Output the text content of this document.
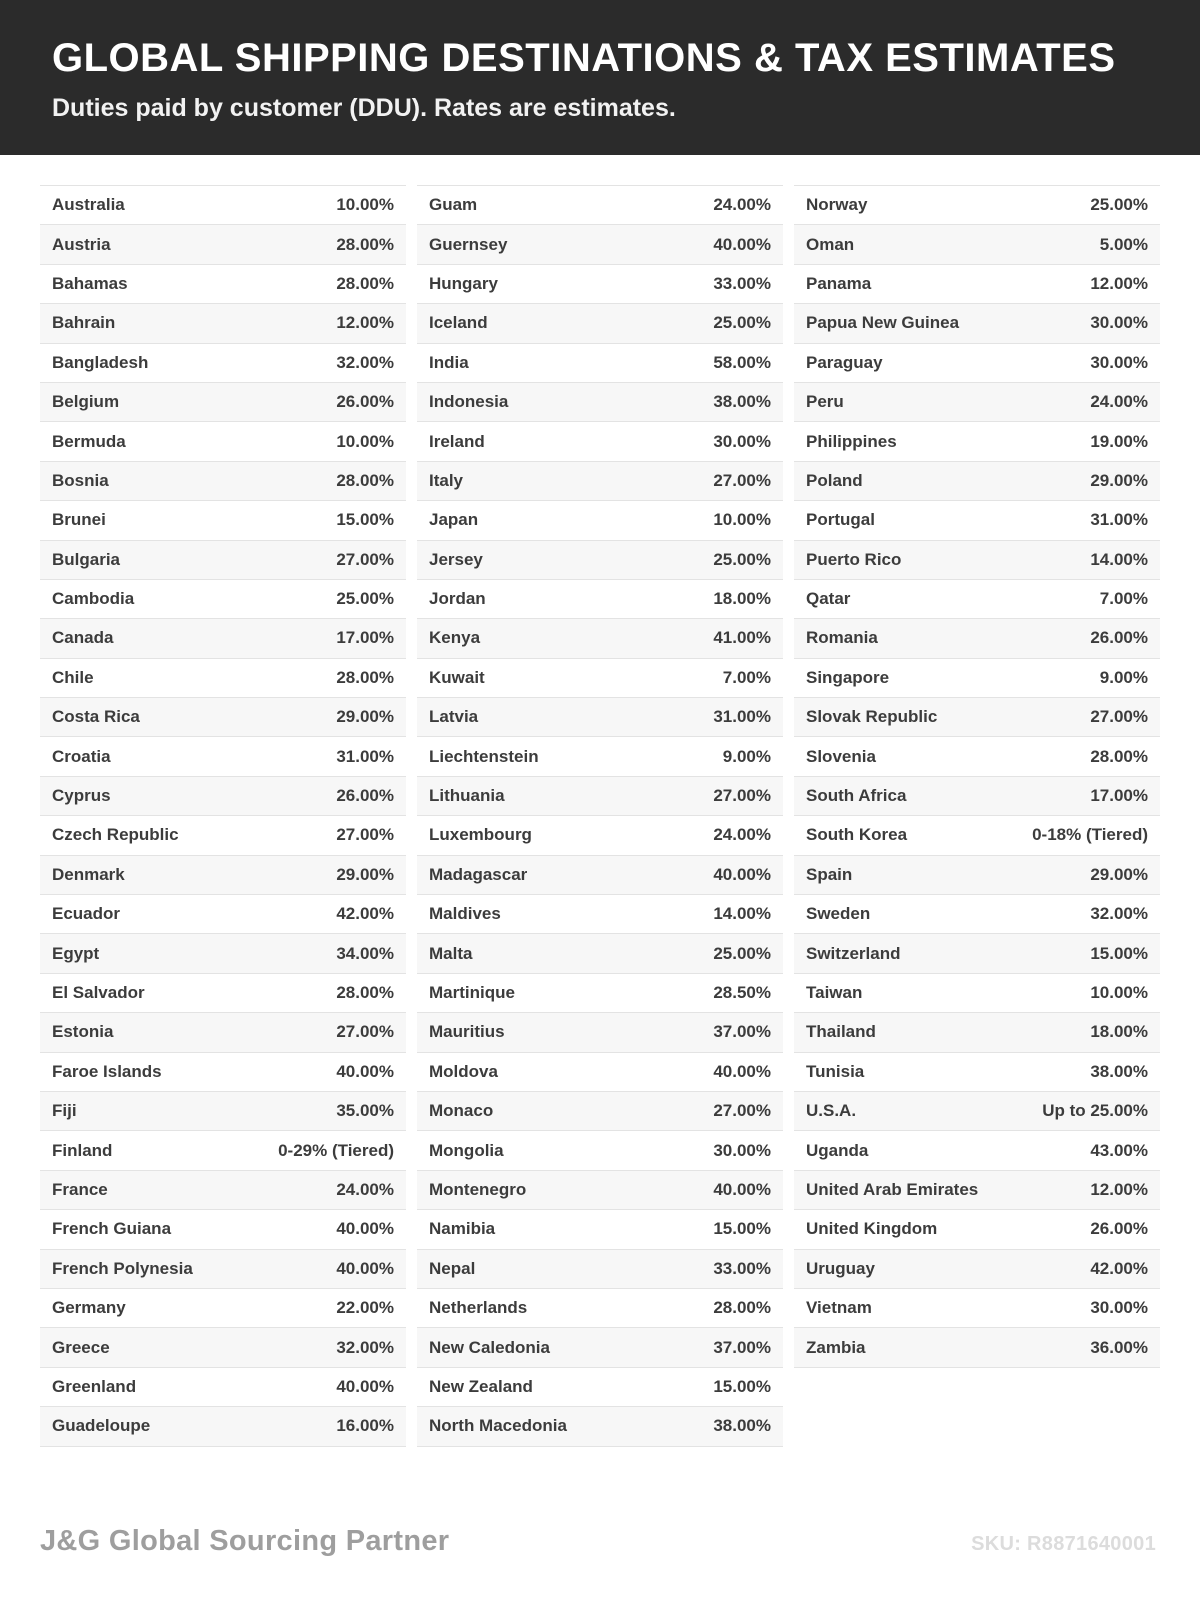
GLOBAL SHIPPING DESTINATIONS & TAX ESTIMATES
Duties paid by customer (DDU). Rates are estimates.
Australia	10.00%
Austria	28.00%
Bahamas	28.00%
Bahrain	12.00%
Bangladesh	32.00%
Belgium	26.00%
Bermuda	10.00%
Bosnia	28.00%
Brunei	15.00%
Bulgaria	27.00%
Cambodia	25.00%
Canada	17.00%
Chile	28.00%
Costa Rica	29.00%
Croatia	31.00%
Cyprus	26.00%
Czech Republic	27.00%
Denmark	29.00%
Ecuador	42.00%
Egypt	34.00%
El Salvador	28.00%
Estonia	27.00%
Faroe Islands	40.00%
Fiji	35.00%
Finland	0-29% (Tiered)
France	24.00%
French Guiana	40.00%
French Polynesia	40.00%
Germany	22.00%
Greece	32.00%
Greenland	40.00%
Guadeloupe	16.00%
Guam	24.00%
Guernsey	40.00%
Hungary	33.00%
Iceland	25.00%
India	58.00%
Indonesia	38.00%
Ireland	30.00%
Italy	27.00%
Japan	10.00%
Jersey	25.00%
Jordan	18.00%
Kenya	41.00%
Kuwait	7.00%
Latvia	31.00%
Liechtenstein	9.00%
Lithuania	27.00%
Luxembourg	24.00%
Madagascar	40.00%
Maldives	14.00%
Malta	25.00%
Martinique	28.50%
Mauritius	37.00%
Moldova	40.00%
Monaco	27.00%
Mongolia	30.00%
Montenegro	40.00%
Namibia	15.00%
Nepal	33.00%
Netherlands	28.00%
New Caledonia	37.00%
New Zealand	15.00%
North Macedonia	38.00%
Norway	25.00%
Oman	5.00%
Panama	12.00%
Papua New Guinea	30.00%
Paraguay	30.00%
Peru	24.00%
Philippines	19.00%
Poland	29.00%
Portugal	31.00%
Puerto Rico	14.00%
Qatar	7.00%
Romania	26.00%
Singapore	9.00%
Slovak Republic	27.00%
Slovenia	28.00%
South Africa	17.00%
South Korea	0-18% (Tiered)
Spain	29.00%
Sweden	32.00%
Switzerland	15.00%
Taiwan	10.00%
Thailand	18.00%
Tunisia	38.00%
U.S.A.	Up to 25.00%
Uganda	43.00%
United Arab Emirates	12.00%
United Kingdom	26.00%
Uruguay	42.00%
Vietnam	30.00%
Zambia	36.00%
J&G Global Sourcing Partner	SKU: R8871640001
